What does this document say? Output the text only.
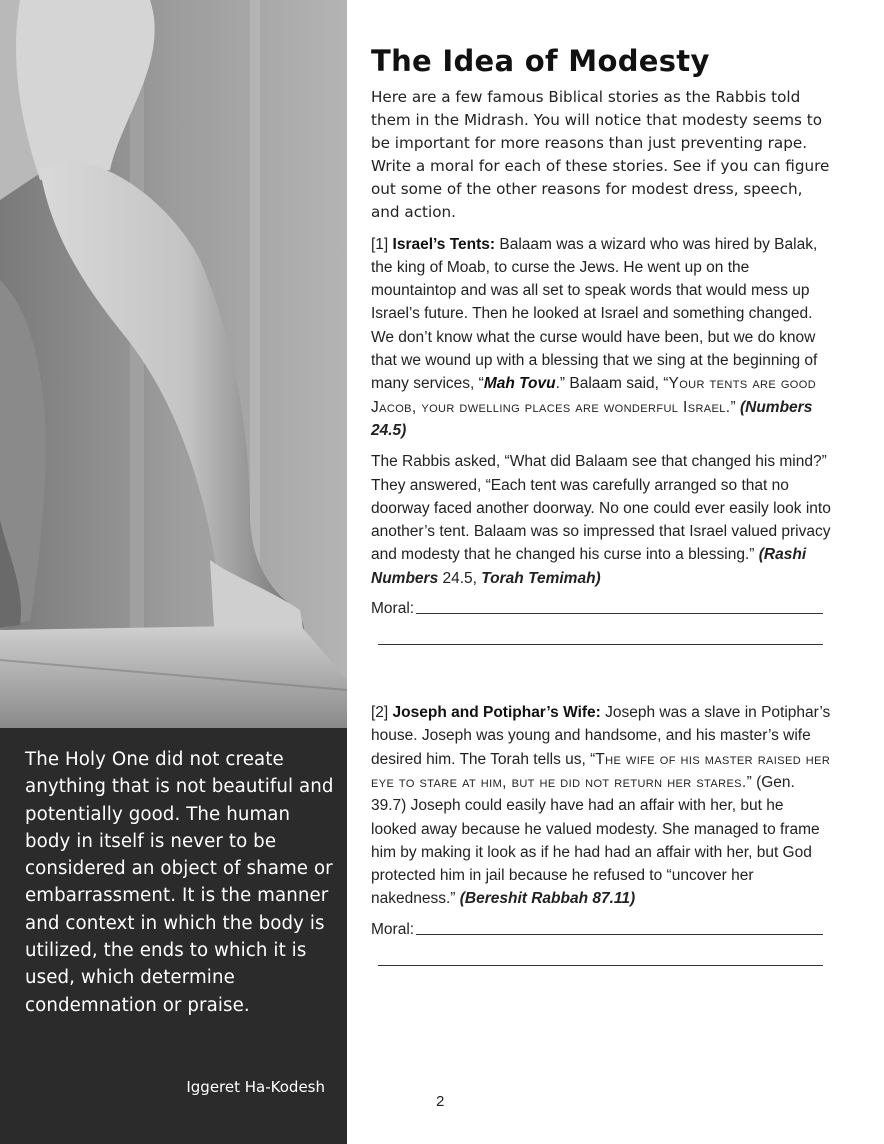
The Holy One did not create anything that is not beautiful and potentially good. The human body in itself is never to be considered an object of shame or embarrassment. It is the manner and context in which the body is utilized, the ends to which it is used, which determine condemnation or praise.

Iggeret Ha-Kodesh

The Idea of Modesty

Here are a few famous Biblical stories as the Rabbis told them in the Midrash. You will notice that modesty seems to be important for more reasons than just preventing rape. Write a moral for each of these stories. See if you can figure out some of the other reasons for modest dress, speech, and action.

[1] Israel’s Tents: Balaam was a wizard who was hired by Balak, the king of Moab, to curse the Jews. He went up on the mountaintop and was all set to speak words that would mess up Israel’s future. Then he looked at Israel and something changed. We don’t know what the curse would have been, but we do know that we wound up with a blessing that we sing at the beginning of many services, “Mah Tovu.” Balaam said, “Your tents are good Jacob, your dwelling places are wonderful Israel.” (Numbers 24.5)

The Rabbis asked, “What did Balaam see that changed his mind?” They answered, “Each tent was carefully arranged so that no doorway faced another doorway. No one could ever easily look into another’s tent. Balaam was so impressed that Israel valued privacy and modesty that he changed his curse into a blessing.” (Rashi Numbers 24.5, Torah Temimah)

Moral:

[2] Joseph and Potiphar’s Wife: Joseph was a slave in Potiphar’s house. Joseph was young and handsome, and his master’s wife desired him. The Torah tells us, “The wife of his master raised her eye to stare at him, but he did not return her stares.” (Gen. 39.7) Joseph could easily have had an affair with her, but he looked away because he valued modesty. She managed to frame him by making it look as if he had had an affair with her, but God protected him in jail because he refused to “uncover her nakedness.” (Bereshit Rabbah 87.11)

Moral:
2
